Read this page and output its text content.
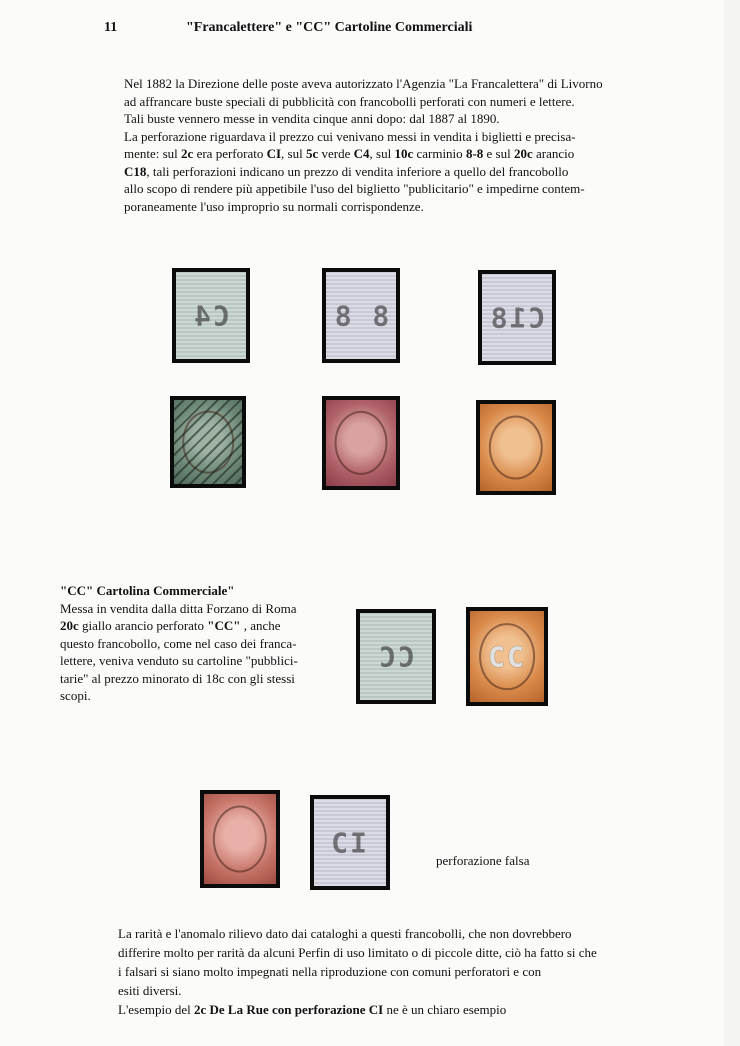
11	"Francalettere" e "CC" Cartoline Commerciali
Nel 1882 la Direzione delle poste aveva autorizzato l'Agenzia "La Francalettera" di Livorno
ad affrancare buste speciali di pubblicità con francobolli perforati con numeri e lettere.
Tali buste vennero messe in vendita cinque anni dopo: dal 1887 al 1890.
La perforazione riguardava il prezzo cui venivano messi in vendita i biglietti e precisa-
mente: sul 2c era perforato CI, sul 5c verde C4, sul 10c carminio 8-8 e sul 20c arancio
C18, tali perforazioni indicano un prezzo di vendita inferiore a quello del francobollo
allo scopo di rendere più appetibile l'uso del biglietto "publicitario" e impedirne contem-
poraneamente l'uso improprio su normali corrispondenze.
C4	8 8	C18
"CC" Cartolina Commerciale"
Messa in vendita dalla ditta Forzano di Roma
20c giallo arancio perforato "CC" , anche
questo francobollo, come nel caso dei franca-
lettere, veniva venduto su cartoline "pubblici-
tarie" al prezzo minorato di 18c con gli stessi
scopi.
CC	CC
CI
perforazione falsa
La rarità e l'anomalo rilievo dato dai cataloghi a questi francobolli, che non dovrebbero
differire molto per rarità da alcuni Perfin di uso limitato o di piccole ditte, ciò ha fatto si che
i falsari si siano molto impegnati nella riproduzione con comuni perforatori e con
esiti diversi.
L'esempio del 2c De La Rue con perforazione CI ne è un chiaro esempio
